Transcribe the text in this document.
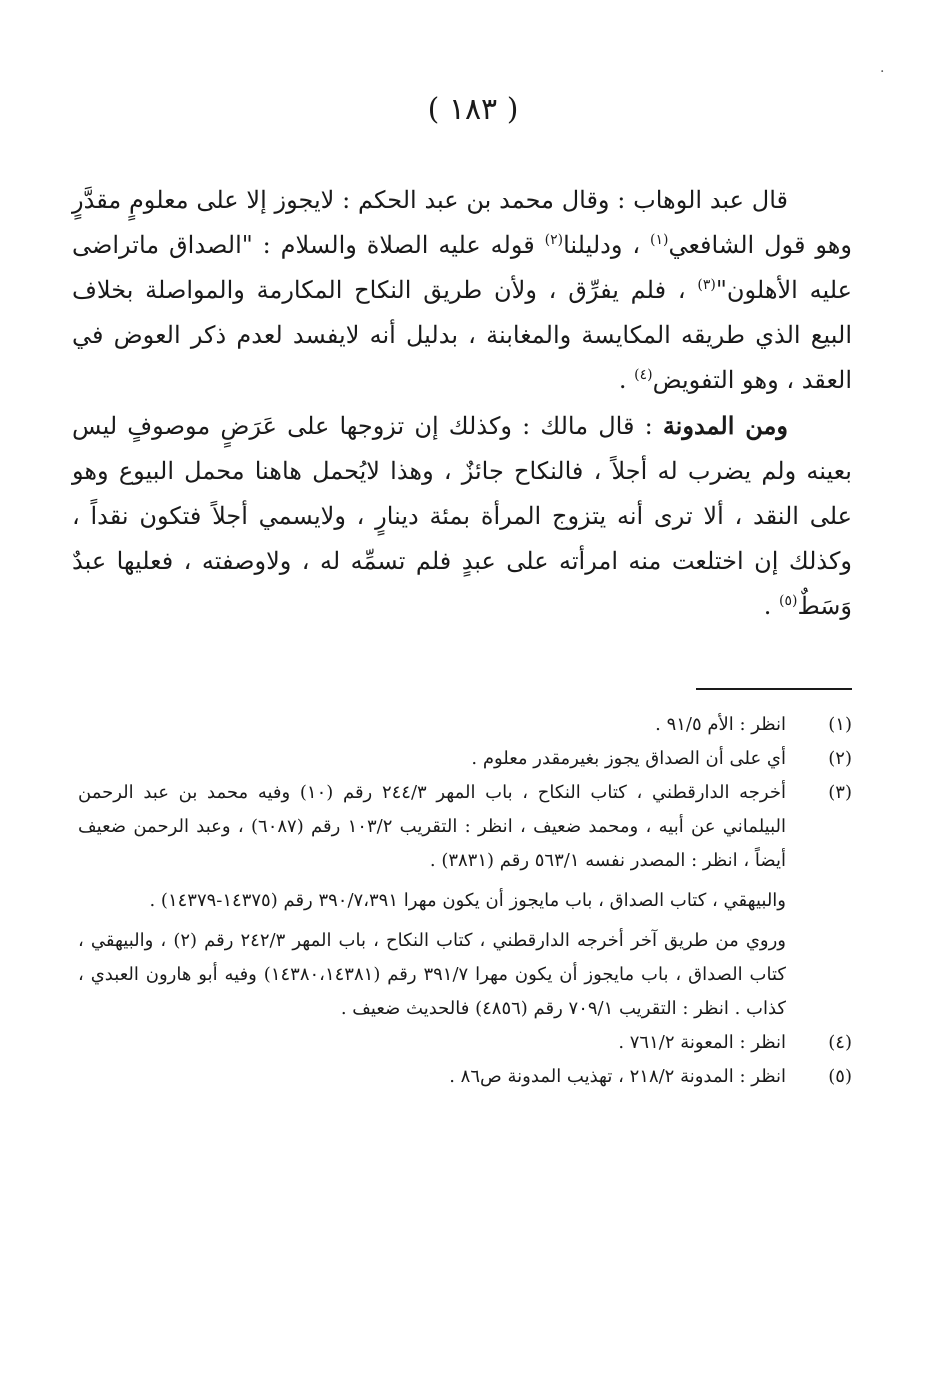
·
( ١٨٣ )

قال عبد الوهاب : وقال محمد بن عبد الحكم : لايجوز إلا على معلومٍ مقدَّرٍ وهو قول الشافعي$^{(١)}$ ، ودليلنا$^{(٢)}$ قوله عليه الصلاة والسلام : "الصداق ماتراضى عليه الأهلون"$^{(٣)}$ ، فلم يفرِّق ، ولأن طريق النكاح المكارمة والمواصلة بخلاف البيع الذي طريقه المكايسة والمغابنة ، بدليل أنه لايفسد لعدم ذكر العوض في العقد ، وهو التفويض$^{(٤)}$ .

ومن المدونة : قال مالك : وكذلك إن تزوجها على عَرَضٍ موصوفٍ ليس بعينه ولم يضرب له أجلاً ، فالنكاح جائزٌ ، وهذا لايُحمل هاهنا محمل البيوع وهو على النقد ، ألا ترى أنه يتزوج المرأة بمئة دينارٍ ، ولايسمي أجلاً فتكون نقداً ، وكذلك إن اختلعت منه امرأته على عبدٍ فلم تسمِّه له ، ولاوصفته ، فعليها عبدٌ وَسَطٌ$^{(٥)}$ .

(١)

انظر : الأم ٩١/٥ .

(٢)

أي على أن الصداق يجوز بغيرمقدر معلوم .

(٣)

أخرجه الدارقطني ، كتاب النكاح ، باب المهر ٢٤٤/٣ رقم (١٠) وفيه محمد بن عبد الرحمن البيلماني عن أبيه ، ومحمد ضعيف ، انظر : التقريب ١٠٣/٢ رقم (٦٠٨٧) ، وعبد الرحمن ضعيف أيضاً ، انظر : المصدر نفسه ٥٦٣/١ رقم (٣٨٣١) .

والبيهقي ، كتاب الصداق ، باب مايجوز أن يكون مهرا ٣٩٠/٧،٣٩١ رقم (١٤٣٧٥-١٤٣٧٩) .

وروي من طريق آخر أخرجه الدارقطني ، كتاب النكاح ، باب المهر ٢٤٢/٣ رقم (٢) ، والبيهقي ، كتاب الصداق ، باب مايجوز أن يكون مهرا ٣٩١/٧ رقم (١٤٣٨٠،١٤٣٨١) وفيه أبو هارون العبدي ، كذاب . انظر : التقريب ٧٠٩/١ رقم (٤٨٥٦) فالحديث ضعيف .

(٤)

انظر : المعونة ٧٦١/٢ .

(٥)

انظر : المدونة ٢١٨/٢ ، تهذيب المدونة ص٨٦ .
